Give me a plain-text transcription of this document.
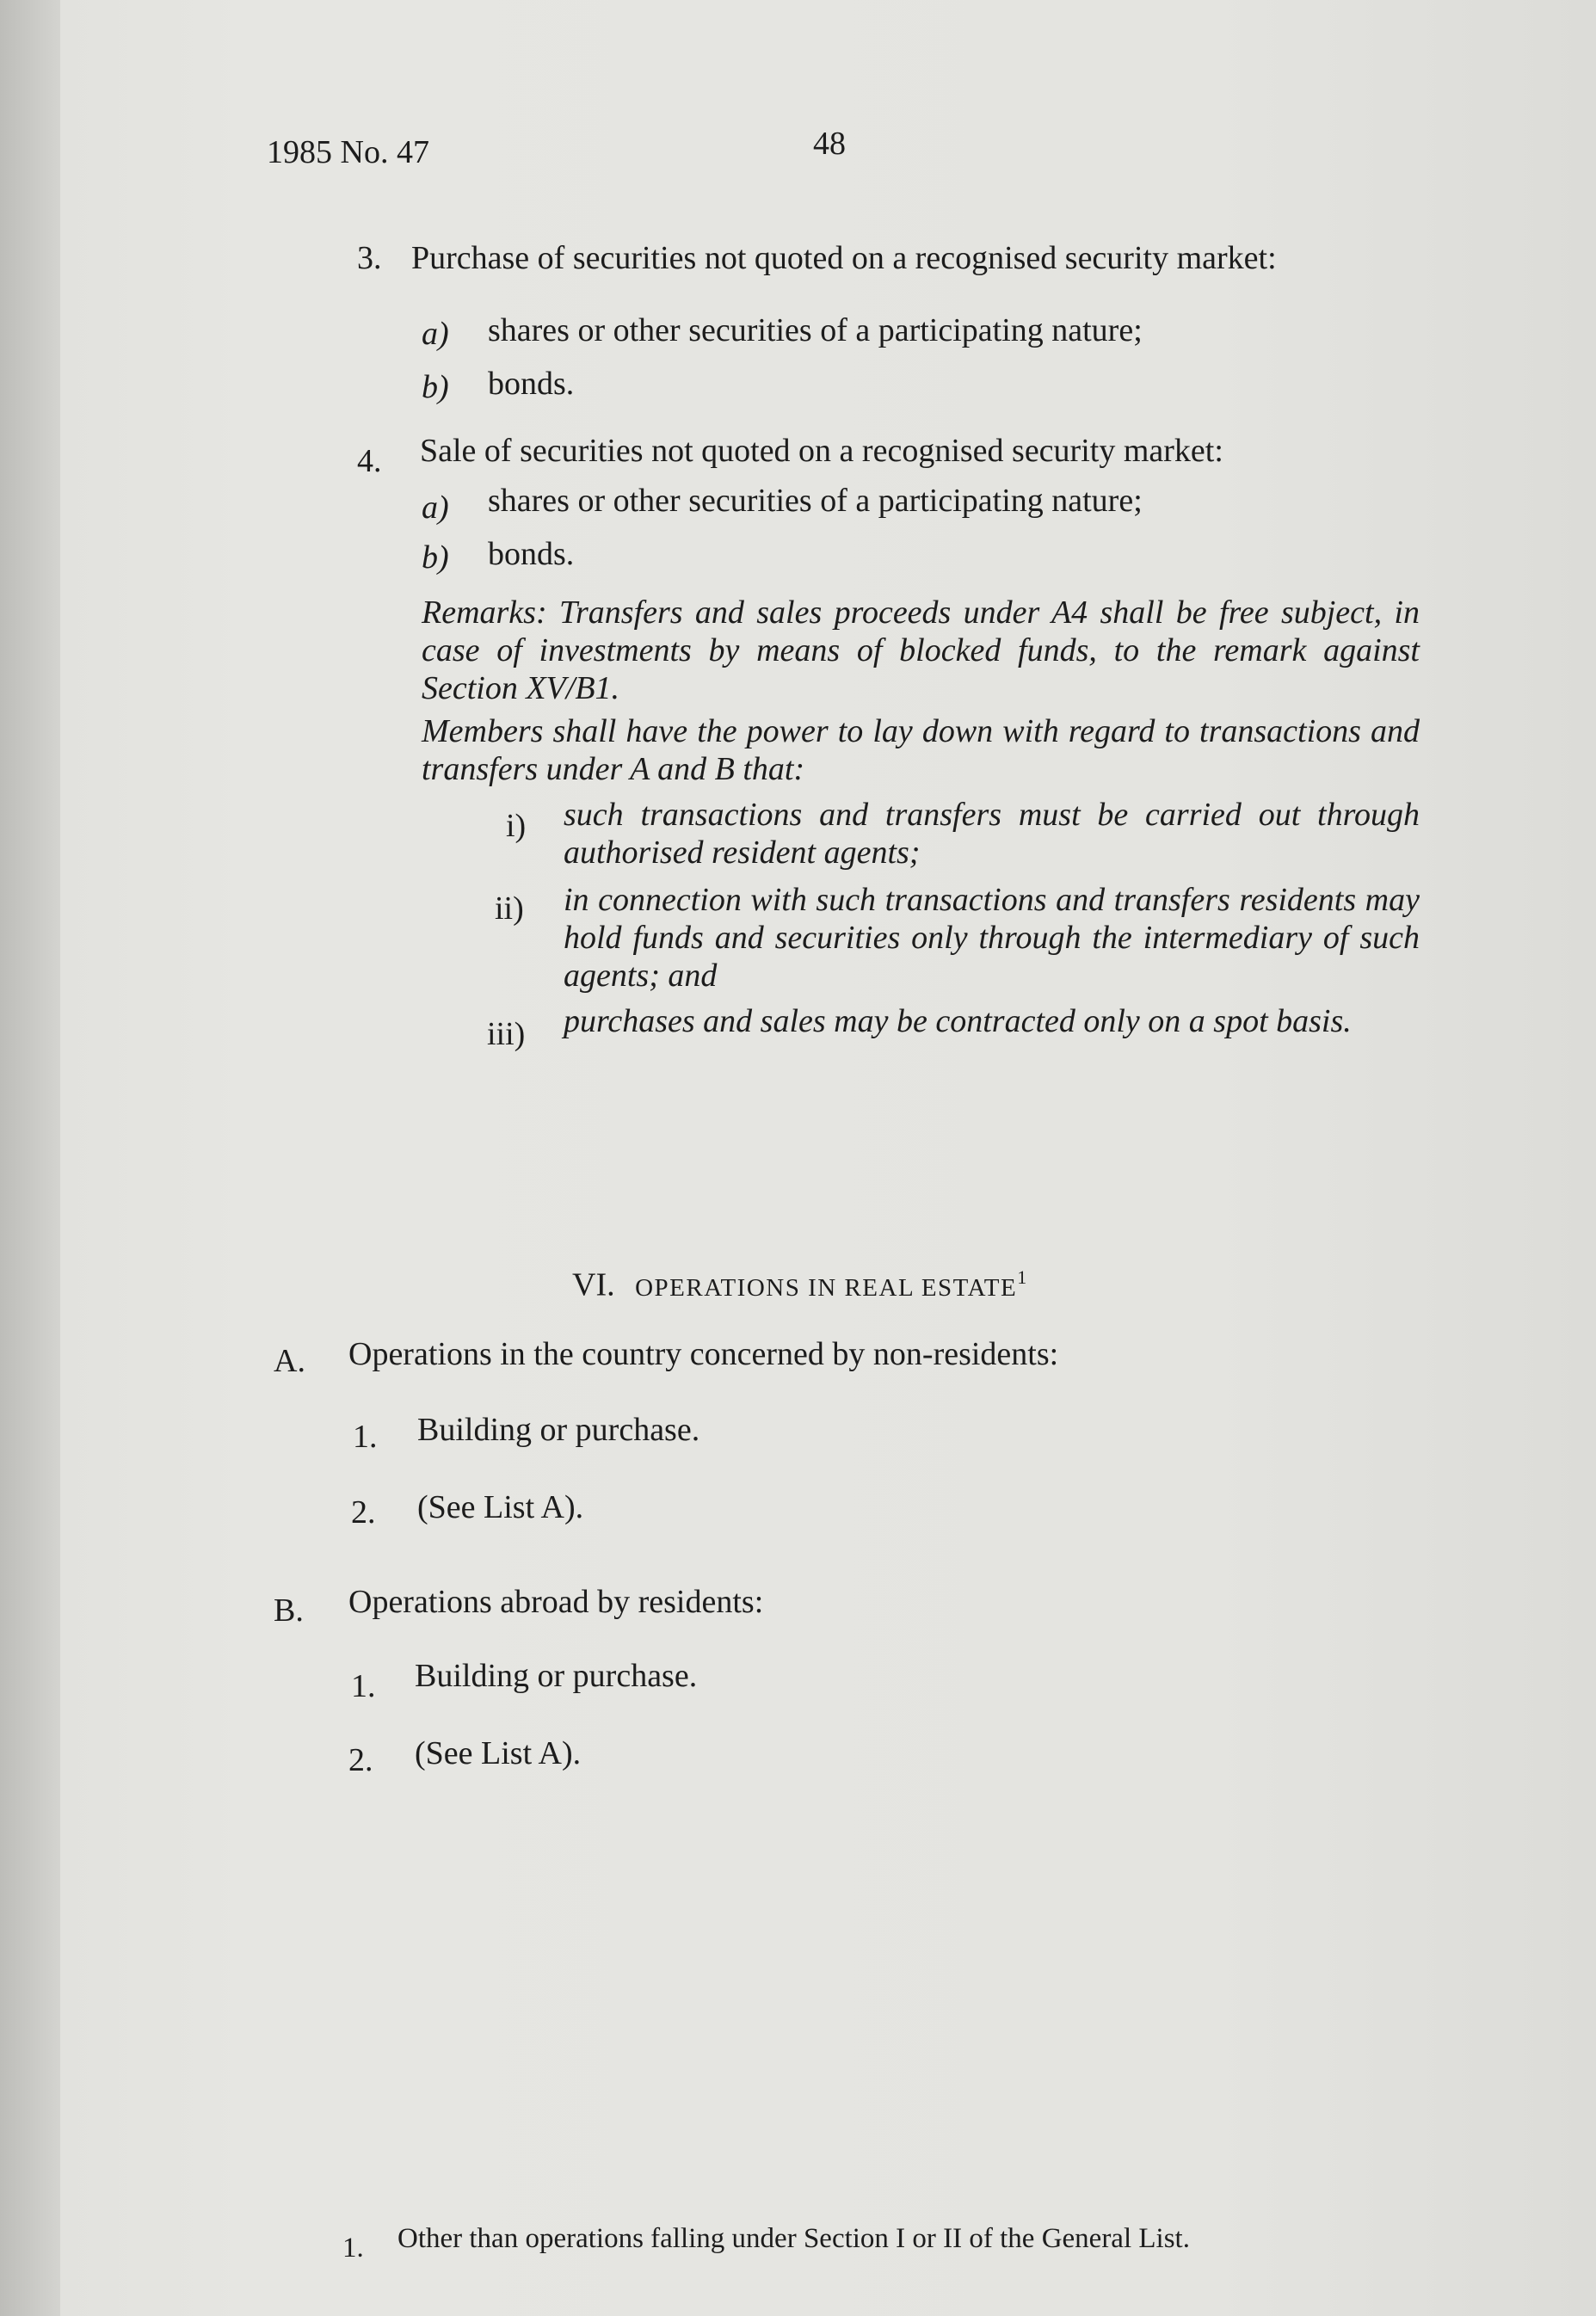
1985 No. 47	48
3. Purchase of securities not quoted on a recognised security market:
a) shares or other securities of a participating nature;
b) bonds.
4. Sale of securities not quoted on a recognised security market:
a) shares or other securities of a participating nature;
b) bonds.

Remarks: Transfers and sales proceeds under A4 shall be free subject, in case of investments by means of blocked funds, to the remark against Section XV/B1.

Members shall have the power to lay down with regard to transactions and transfers under A and B that:

i) such transactions and transfers must be carried out through authorised resident agents;
ii) in connection with such transactions and transfers residents may hold funds and securities only through the intermediary of such agents; and
iii) purchases and sales may be contracted only on a spot basis.
VI. OPERATIONS IN REAL ESTATE$^1$
A. Operations in the country concerned by non-residents:
1. Building or purchase.
2. (See List A).
B. Operations abroad by residents:
1. Building or purchase.
2. (See List A).
1. Other than operations falling under Section I or II of the General List.
